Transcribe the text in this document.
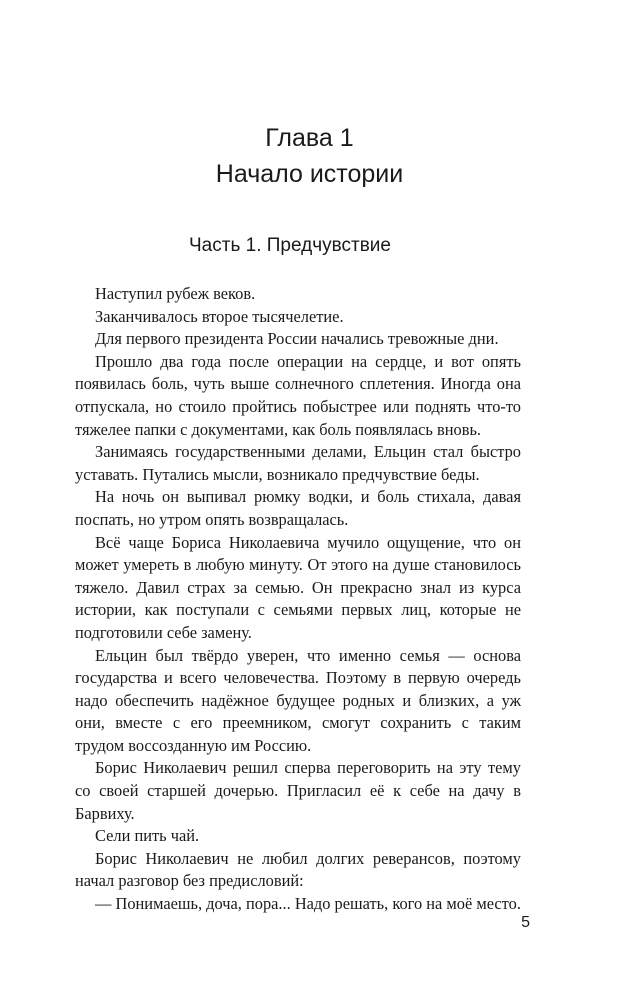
Глава 1
Начало истории
Часть 1. Предчувствие

Наступил рубеж веков.

Заканчивалось второе тысячелетие.

Для первого президента России начались тревожные дни.

Прошло два года после операции на сердце, и вот опять появилась боль, чуть выше солнечного сплетения. Иногда она отпускала, но стоило пройтись побыстрее или поднять что-то тяжелее папки с документами, как боль появлялась вновь.

Занимаясь государственными делами, Ельцин стал быстро уставать. Путались мысли, возникало предчувствие беды.

На ночь он выпивал рюмку водки, и боль стихала, давая поспать, но утром опять возвращалась.

Всё чаще Бориса Николаевича мучило ощущение, что он может умереть в любую минуту. От этого на душе становилось тяжело. Давил страх за семью. Он прекрасно знал из курса истории, как поступали с семьями первых лиц, которые не подготовили себе замену.

Ельцин был твёрдо уверен, что именно семья — основа государства и всего человечества. Поэтому в первую очередь надо обеспечить надёжное будущее родных и близких, а уж они, вместе с его преемником, смогут сохранить с таким трудом воссозданную им Россию.

Борис Николаевич решил сперва переговорить на эту тему со своей старшей дочерью. Пригласил её к себе на дачу в Барвиху.

Сели пить чай.

Борис Николаевич не любил долгих реверансов, поэтому начал разговор без предисловий:

— Понимаешь, доча, пора... Надо решать, кого на моё место.

5
